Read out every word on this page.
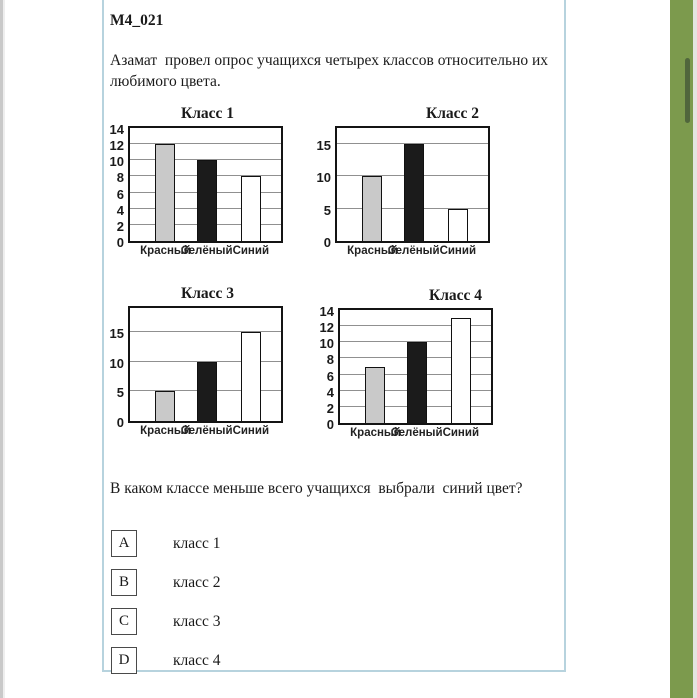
M4_021
Азамат  провел опрос учащихся четырех классов относительно их любимого цвета.
Класс 1
0
2
4
6
8
10
12
14
Красный
Зелёный Синий
Класс 2
0
5
10
15
Красный
Зелёный Синий
Класс 3
0
5
10
15
Красный
Зелёный Синий
Класс 4
0
2
4
6
8
10
12
14
Красный
Зелёный Синий
В каком классе меньше всего учащихся  выбрали  синий цвет?
A	класс 1
B	класс 2
C	класс 3
D	класс 4
